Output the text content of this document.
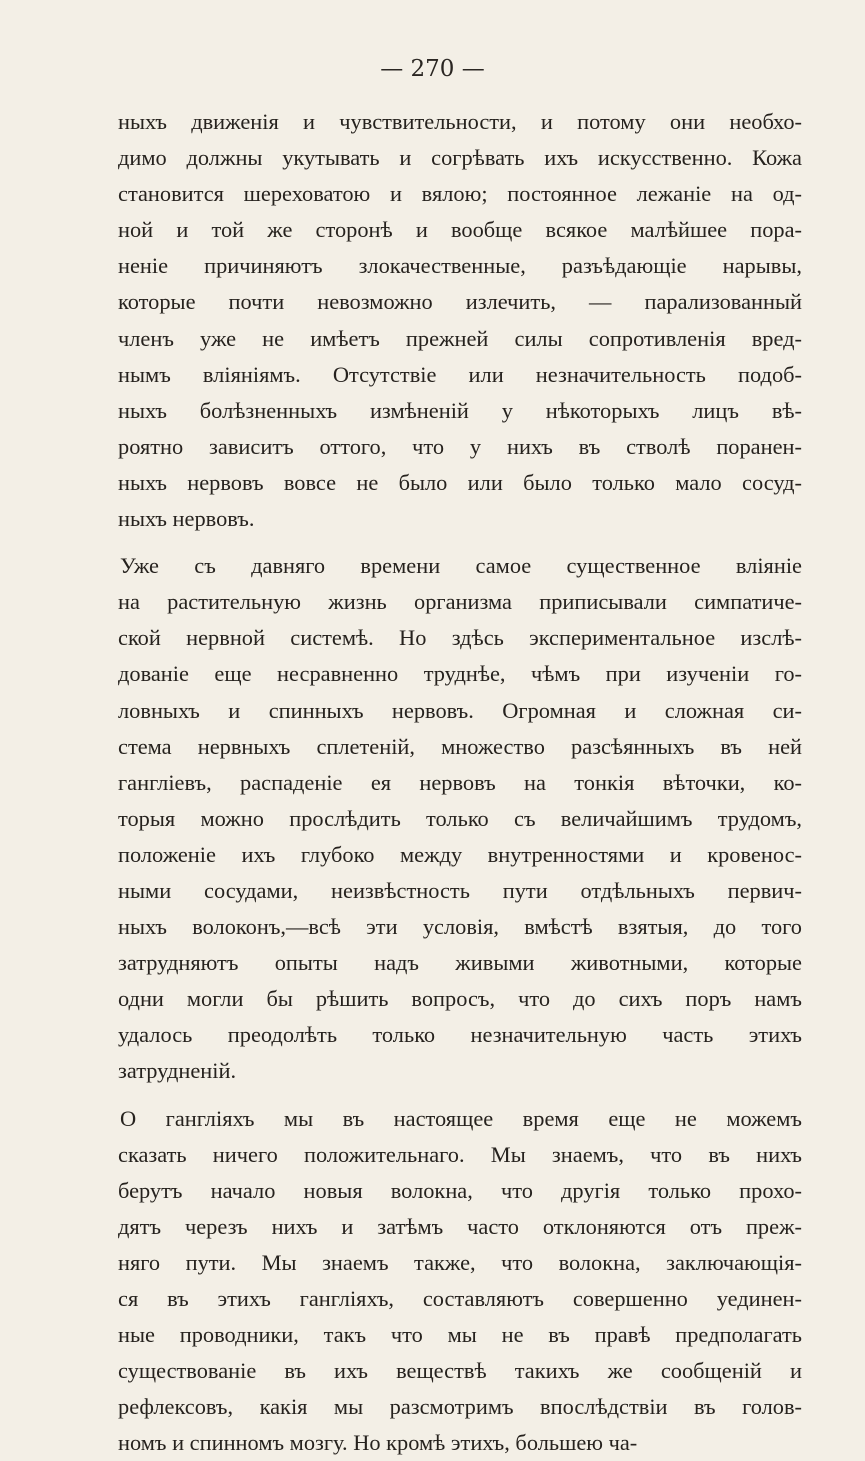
— 270 —
ныхъ движенія и чувствительности, и потому они необхо-
димо должны укутывать и согрѣвать ихъ искусственно. Кожа
становится шереховатою и вялою; постоянное лежаніе на од-
ной и той же сторонѣ и вообще всякое малѣйшее пора-
неніе причиняютъ злокачественные, разъѣдающіе нарывы,
которые почти невозможно излечить, — парализованный
членъ уже не имѣетъ прежней силы сопротивленія вред-
нымъ вліяніямъ. Отсутствіе или незначительность подоб-
ныхъ болѣзненныхъ измѣненій у нѣкоторыхъ лицъ вѣ-
роятно зависитъ оттого, что у нихъ въ стволѣ поранен-
ныхъ нервовъ вовсе не было или было только мало сосуд-
ныхъ нервовъ.
Уже съ давняго времени самое существенное вліяніе
на растительную жизнь организма приписывали симпатиче-
ской нервной системѣ. Но здѣсь экспериментальное изслѣ-
дованіе еще несравненно труднѣе, чѣмъ при изученіи го-
ловныхъ и спинныхъ нервовъ. Огромная и сложная си-
стема нервныхъ сплетеній, множество разсѣянныхъ въ ней
гангліевъ, распаденіе ея нервовъ на тонкія вѣточки, ко-
торыя можно прослѣдить только съ величайшимъ трудомъ,
положеніе ихъ глубоко между внутренностями и кровенос-
ными сосудами, неизвѣстность пути отдѣльныхъ первич-
ныхъ волоконъ,—всѣ эти условія, вмѣстѣ взятыя, до того
затрудняютъ опыты надъ живыми животными, которые
одни могли бы рѣшить вопросъ, что до сихъ поръ намъ
удалось преодолѣть только незначительную часть этихъ
затрудненій.
О гангліяхъ мы въ настоящее время еще не можемъ
сказать ничего положительнаго. Мы знаемъ, что въ нихъ
берутъ начало новыя волокна, что другія только прохо-
дятъ черезъ нихъ и затѣмъ часто отклоняются отъ преж-
няго пути. Мы знаемъ также, что волокна, заключающія-
ся въ этихъ гангліяхъ, составляютъ совершенно уединен-
ные проводники, такъ что мы не въ правѣ предполагать
существованіе въ ихъ веществѣ такихъ же сообщеній и
рефлексовъ, какія мы разсмотримъ впослѣдствіи въ голов-
номъ и спинномъ мозгу. Но кромѣ этихъ, большею ча-
